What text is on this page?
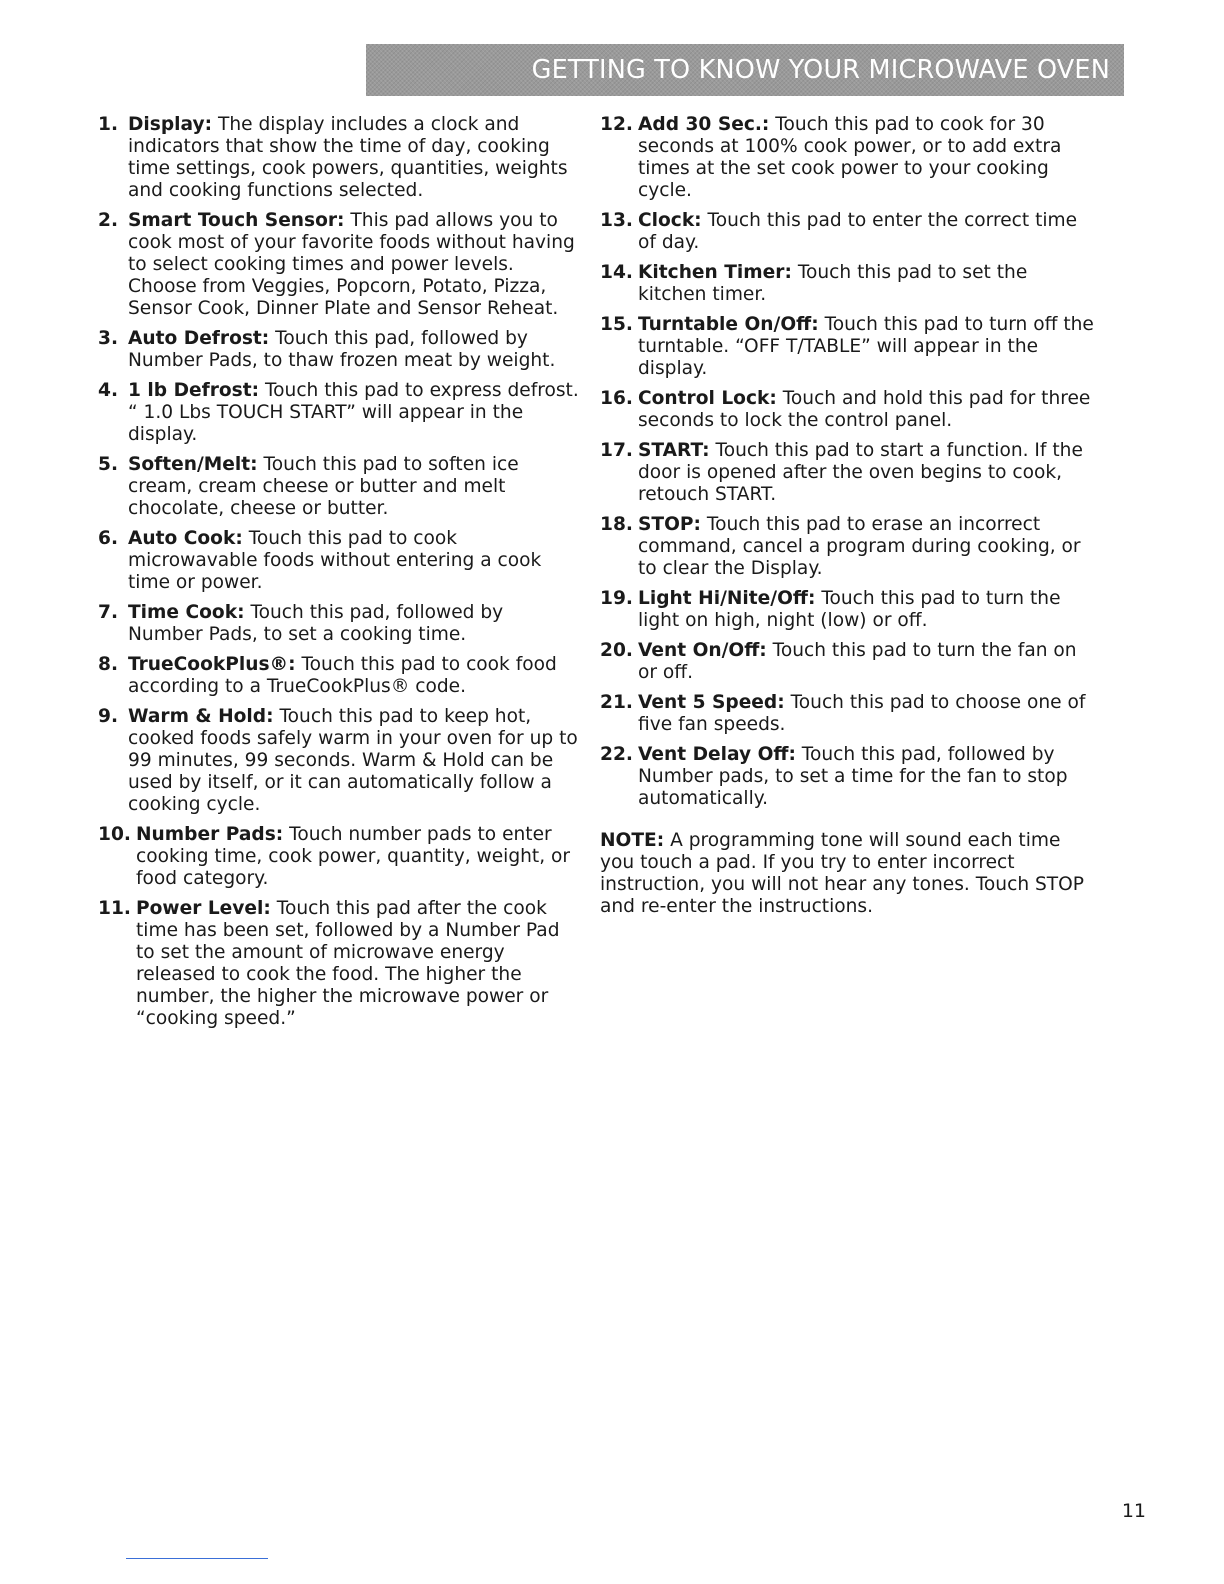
GETTING TO KNOW YOUR MICROWAVE OVEN
1. Display: The display includes a clock and indicators that show the time of day, cooking time settings, cook powers, quantities, weights and cooking functions selected.
2. Smart Touch Sensor: This pad allows you to cook most of your favorite foods without having to select cooking times and power levels. Choose from Veggies, Popcorn, Potato, Pizza, Sensor Cook, Dinner Plate and Sensor Reheat.
3. Auto Defrost: Touch this pad, followed by Number Pads, to thaw frozen meat by weight.
4. 1 lb Defrost: Touch this pad to express defrost. “ 1.0 Lbs TOUCH START” will appear in the display.
5. Soften/Melt: Touch this pad to soften ice cream, cream cheese or butter and melt chocolate, cheese or butter.
6. Auto Cook: Touch this pad to cook microwavable foods without entering a cook time or power.
7. Time Cook: Touch this pad, followed by Number Pads, to set a cooking time.
8. TrueCookPlus®: Touch this pad to cook food according to a TrueCookPlus® code.
9. Warm & Hold: Touch this pad to keep hot, cooked foods safely warm in your oven for up to 99 minutes, 99 seconds. Warm & Hold can be used by itself, or it can automatically follow a cooking cycle.
10. Number Pads: Touch number pads to enter cooking time, cook power, quantity, weight, or food category.
11. Power Level: Touch this pad after the cook time has been set, followed by a Number Pad to set the amount of microwave energy released to cook the food. The higher the number, the higher the microwave power or “cooking speed.”
12. Add 30 Sec.: Touch this pad to cook for 30 seconds at 100% cook power, or to add extra times at the set cook power to your cooking cycle.
13. Clock: Touch this pad to enter the correct time of day.
14. Kitchen Timer: Touch this pad to set the kitchen timer.
15. Turntable On/Off: Touch this pad to turn off the turntable. “OFF T/TABLE” will appear in the display.
16. Control Lock: Touch and hold this pad for three seconds to lock the control panel.
17. START: Touch this pad to start a function. If the door is opened after the oven begins to cook, retouch START.
18. STOP: Touch this pad to erase an incorrect command, cancel a program during cooking, or to clear the Display.
19. Light Hi/Nite/Off: Touch this pad to turn the light on high, night (low) or off.
20. Vent On/Off: Touch this pad to turn the fan on or off.
21. Vent 5 Speed: Touch this pad to choose one of five fan speeds.
22. Vent Delay Off: Touch this pad, followed by Number pads, to set a time for the fan to stop automatically.
NOTE: A programming tone will sound each time you touch a pad. If you try to enter incorrect instruction, you will not hear any tones. Touch STOP and re-enter the instructions.
11
